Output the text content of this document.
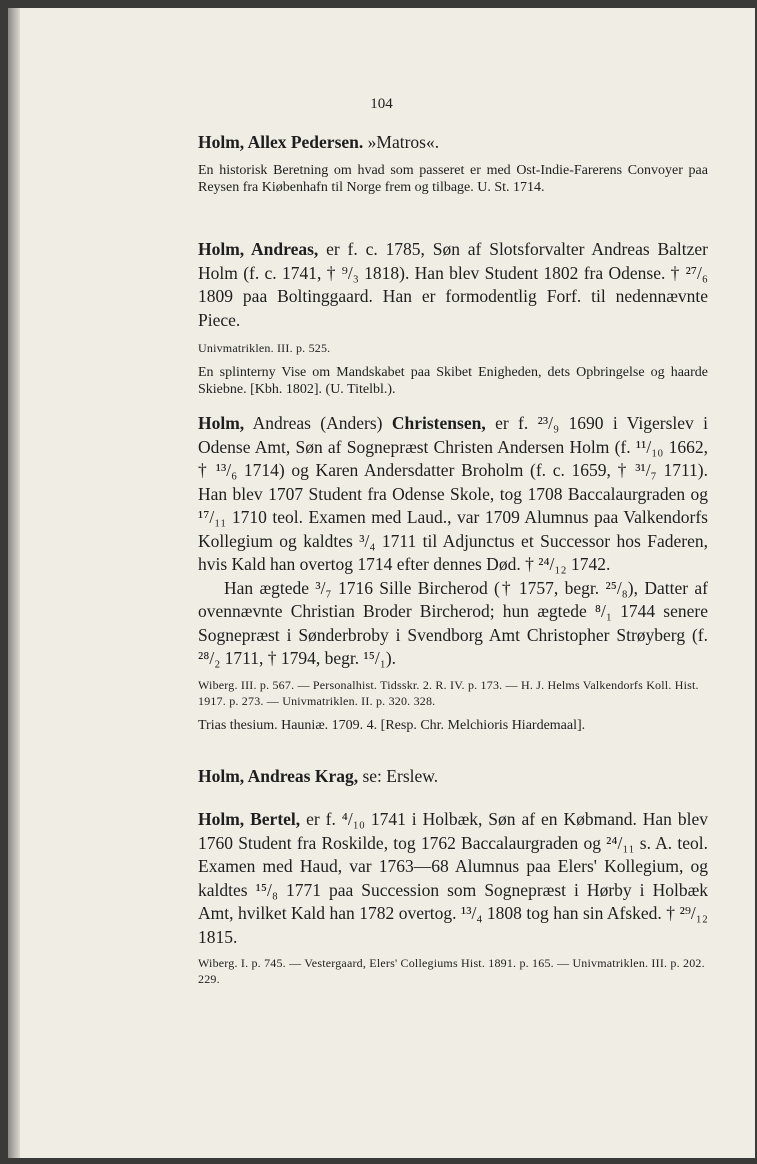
104

Holm, Allex Pedersen. »Matros«.

En historisk Beretning om hvad som passeret er med Ost-Indie-Farerens Convoyer paa Reysen fra Kiøbenhafn til Norge frem og tilbage. U. St. 1714.

Holm, Andreas, er f. c. 1785, Søn af Slotsforvalter Andreas Baltzer Holm (f. c. 1741, † ⁹/₃ 1818). Han blev Student 1802 fra Odense. † ²⁷/₆ 1809 paa Boltinggaard. Han er formodentlig Forf. til nedennævnte Piece.

Univmatriklen. III. p. 525.

En splinterny Vise om Mandskabet paa Skibet Enigheden, dets Opbringelse og haarde Skiebne. [Kbh. 1802]. (U. Titelbl.).

Holm, Andreas (Anders) Christensen, er f. ²³/₉ 1690 i Vigerslev i Odense Amt, Søn af Sognepræst Christen Andersen Holm (f. ¹¹/₁₀ 1662, † ¹³/₆ 1714) og Karen Andersdatter Broholm (f. c. 1659, † ³¹/₇ 1711). Han blev 1707 Student fra Odense Skole, tog 1708 Baccalaurgraden og ¹⁷/₁₁ 1710 teol. Examen med Laud., var 1709 Alumnus paa Valkendorfs Kollegium og kaldtes ³/₄ 1711 til Adjunctus et Successor hos Faderen, hvis Kald han overtog 1714 efter dennes Død. † ²⁴/₁₂ 1742.

Han ægtede ³/₇ 1716 Sille Bircherod († 1757, begr. ²⁵/₈), Datter af ovennævnte Christian Broder Bircherod; hun ægtede ⁸/₁ 1744 senere Sognepræst i Sønderbroby i Svendborg Amt Christopher Strøyberg (f. ²⁸/₂ 1711, † 1794, begr. ¹⁵/₁).

Wiberg. III. p. 567. — Personalhist. Tidsskr. 2. R. IV. p. 173. — H. J. Helms Valkendorfs Koll. Hist. 1917. p. 273. — Univmatriklen. II. p. 320. 328.

Trias thesium. Hauniæ. 1709. 4. [Resp. Chr. Melchioris Hiardemaal].

Holm, Andreas Krag, se: Erslew.

Holm, Bertel, er f. ⁴/₁₀ 1741 i Holbæk, Søn af en Købmand. Han blev 1760 Student fra Roskilde, tog 1762 Baccalaurgraden og ²⁴/₁₁ s. A. teol. Examen med Haud, var 1763—68 Alumnus paa Elers' Kollegium, og kaldtes ¹⁵/₈ 1771 paa Succession som Sognepræst i Hørby i Holbæk Amt, hvilket Kald han 1782 overtog. ¹³/₄ 1808 tog han sin Afsked. † ²⁹/₁₂ 1815.

Wiberg. I. p. 745. — Vestergaard, Elers' Collegiums Hist. 1891. p. 165. — Univmatriklen. III. p. 202. 229.
